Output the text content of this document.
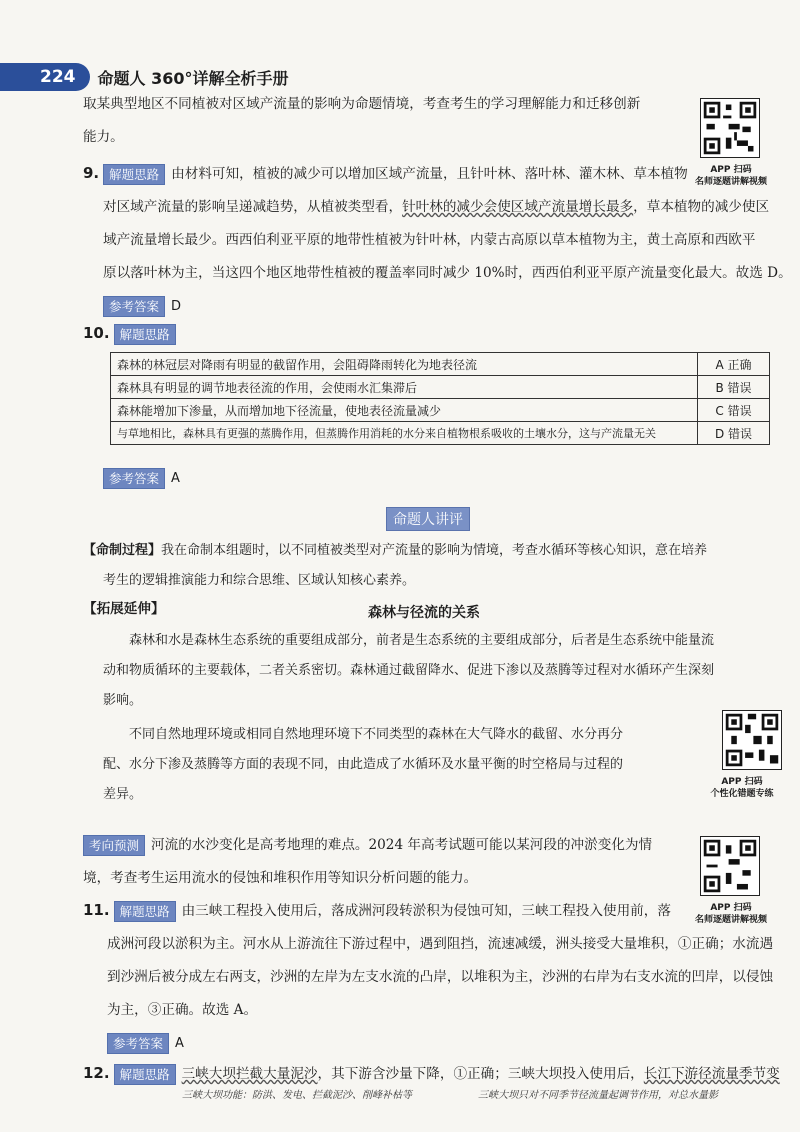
224	命题人 360°详解全析手册
取某典型地区不同植被对区域产流量的影响为命题情境，考查考生的学习理解能力和迁移创新
能力。
APP 扫码
名师逐题讲解视频
9. 解题思路 由材料可知，植被的减少可以增加区域产流量，且针叶林、落叶林、灌木林、草本植物
对区域产流量的影响呈递减趋势，从植被类型看，针叶林的减少会使区域产流量增长最多，草本植物的减少使区
域产流量增长最少。西西伯利亚平原的地带性植被为针叶林，内蒙古高原以草本植物为主，黄土高原和西欧平
原以落叶林为主，当这四个地区地带性植被的覆盖率同时减少 10%时，西西伯利亚平原产流量变化最大。故选 D。
参考答案 D
10. 解题思路
森林的林冠层对降雨有明显的截留作用，会阻碍降雨转化为地表径流	A 正确
森林具有明显的调节地表径流的作用，会使雨水汇集滞后	B 错误
森林能增加下渗量，从而增加地下径流量，使地表径流量减少	C 错误
与草地相比，森林具有更强的蒸腾作用，但蒸腾作用消耗的水分来自植物根系吸收的土壤水分，这与产流量无关	D 错误
参考答案 A
命题人讲评
【命制过程】我在命制本组题时，以不同植被类型对产流量的影响为情境，考查水循环等核心知识，意在培养
考生的逻辑推演能力和综合思维、区域认知核心素养。
【拓展延伸】	森林与径流的关系
森林和水是森林生态系统的重要组成部分，前者是生态系统的主要组成部分，后者是生态系统中能量流
动和物质循环的主要载体，二者关系密切。森林通过截留降水、促进下渗以及蒸腾等过程对水循环产生深刻
影响。
不同自然地理环境或相同自然地理环境下不同类型的森林在大气降水的截留、水分再分
配、水分下渗及蒸腾等方面的表现不同，由此造成了水循环及水量平衡的时空格局与过程的
差异。
APP 扫码
个性化错题专练
考向预测 河流的水沙变化是高考地理的难点。2024 年高考试题可能以某河段的冲淤变化为情
境，考查考生运用流水的侵蚀和堆积作用等知识分析问题的能力。
APP 扫码
名师逐题讲解视频
11. 解题思路 由三峡工程投入使用后，落成洲河段转淤积为侵蚀可知，三峡工程投入使用前，落
成洲河段以淤积为主。河水从上游流往下游过程中，遇到阻挡，流速减缓，洲头接受大量堆积，①正确；水流遇
到沙洲后被分成左右两支，沙洲的左岸为左支水流的凸岸，以堆积为主，沙洲的右岸为右支水流的凹岸，以侵蚀
为主，③正确。故选 A。
参考答案 A
12. 解题思路 三峡大坝拦截大量泥沙，其下游含沙量下降，①正确；三峡大坝投入使用后，长江下游径流量季节变
三峡大坝功能：防洪、发电、拦截泥沙、削峰补枯等	三峡大坝只对不同季节径流量起调节作用，对总水量影
